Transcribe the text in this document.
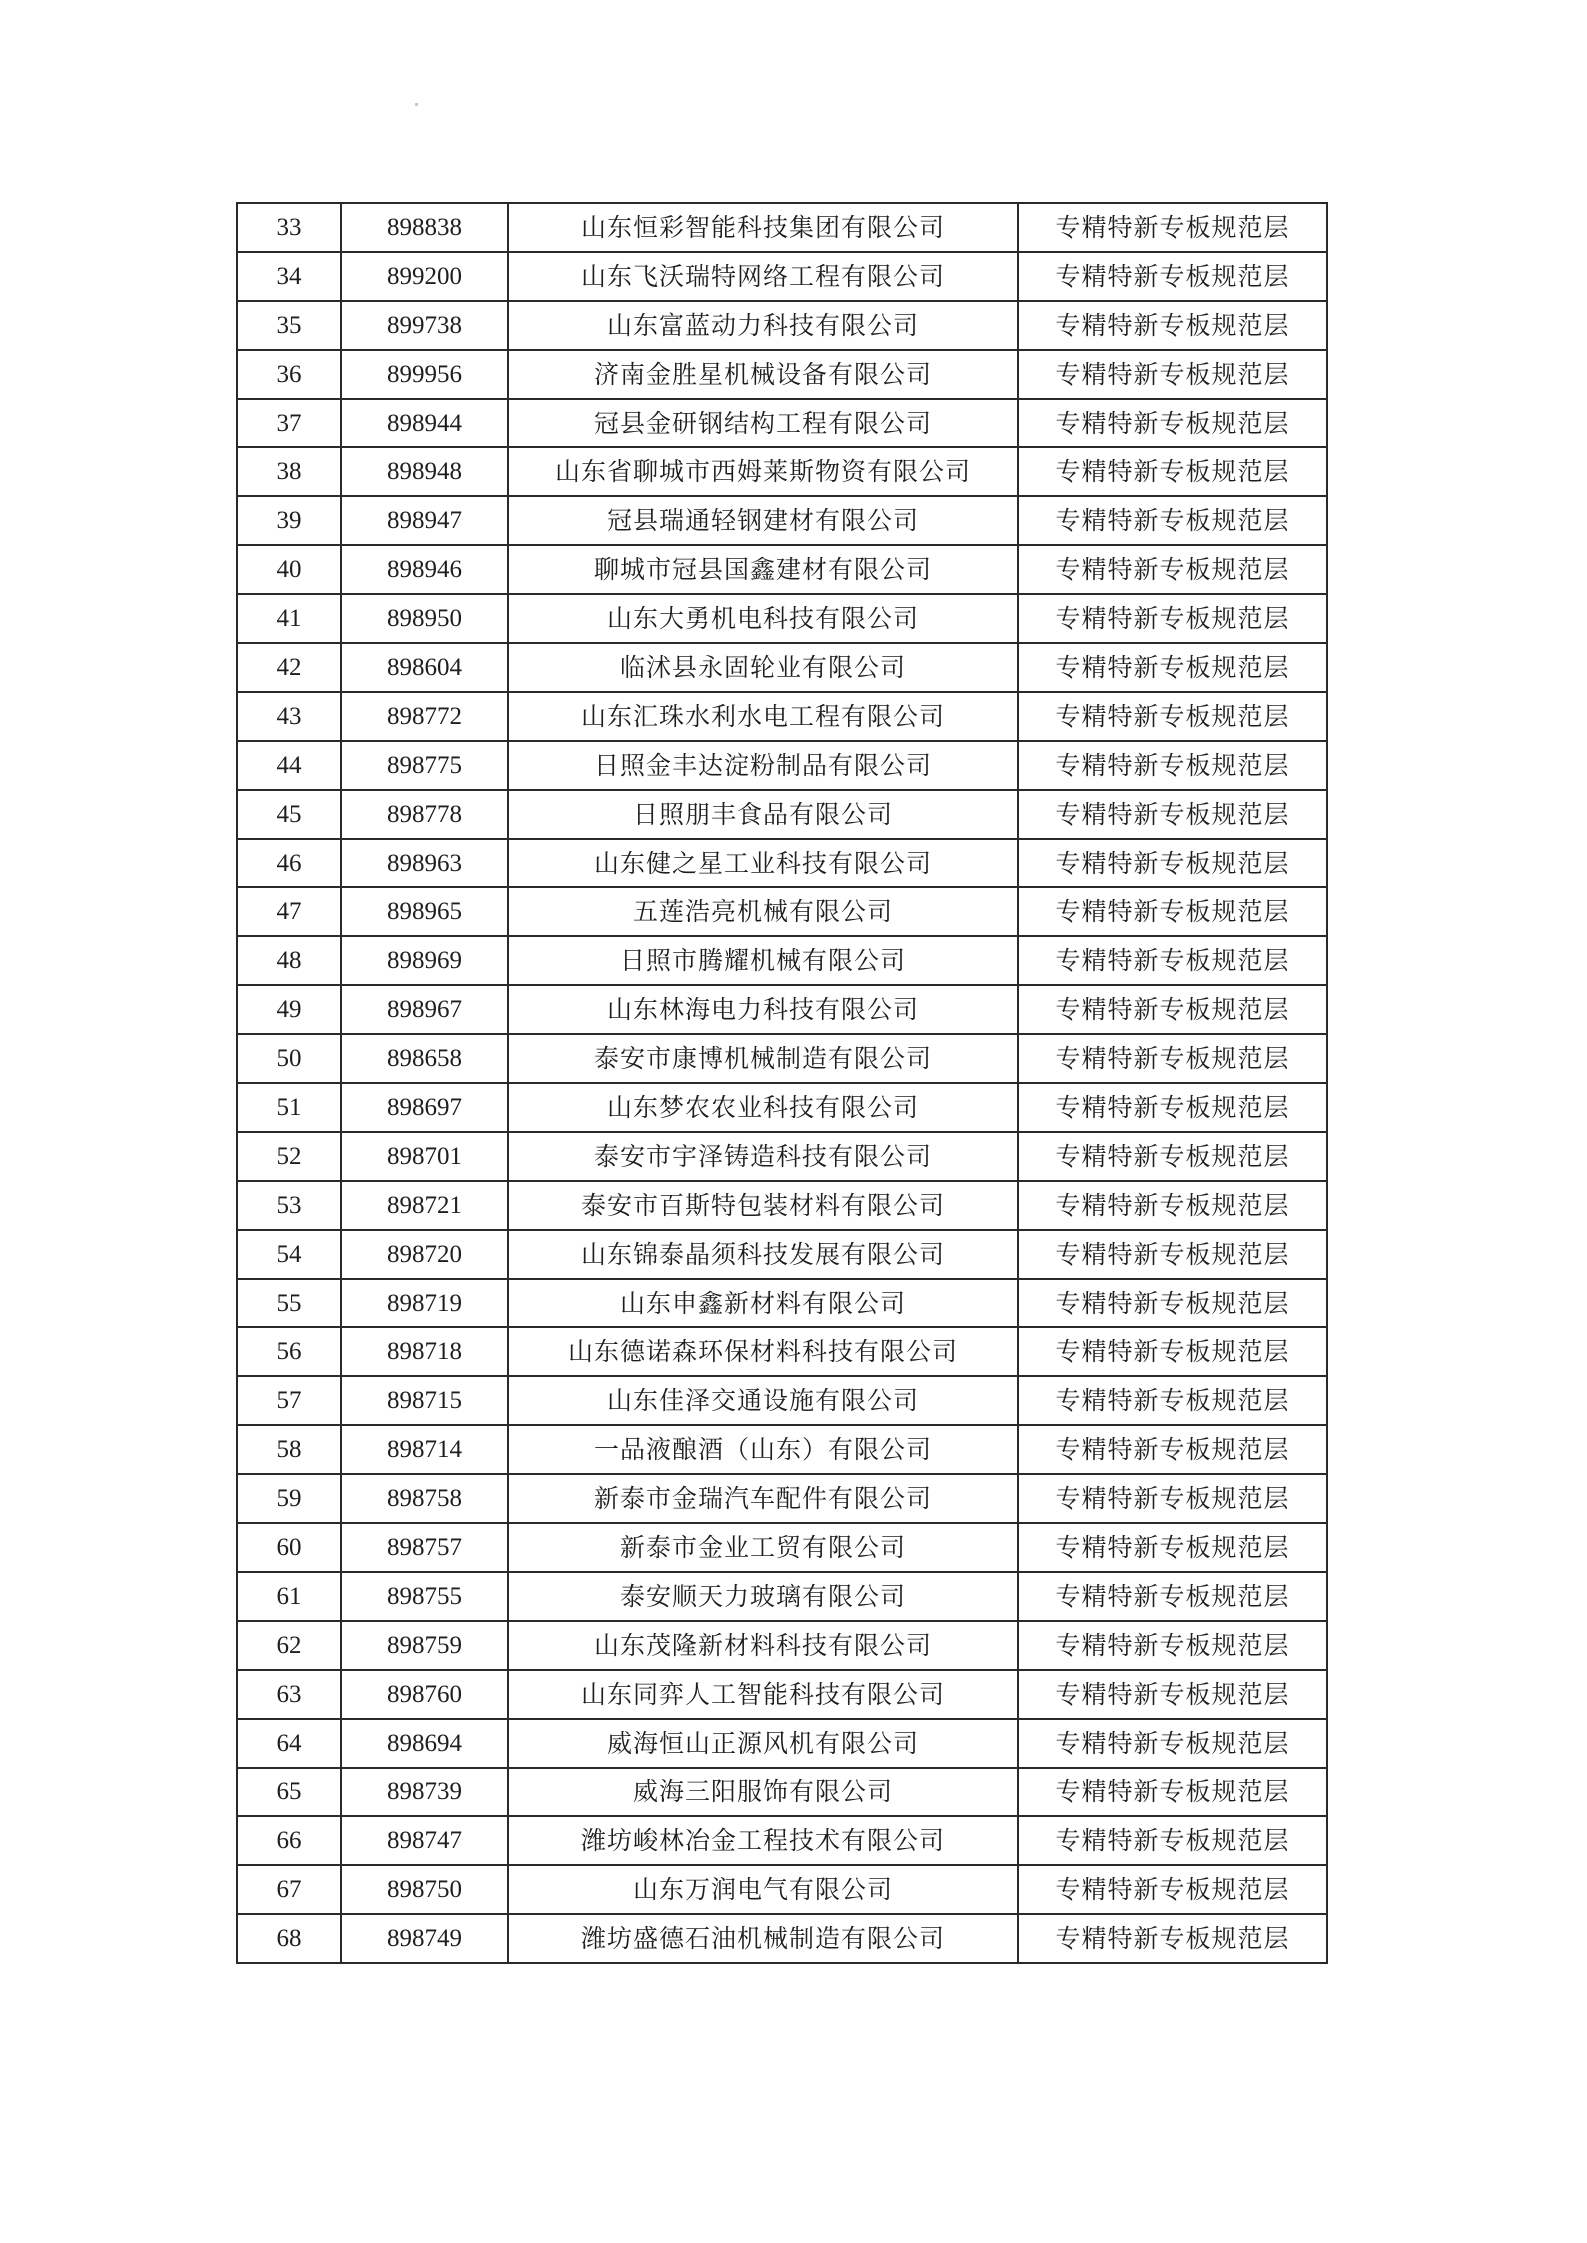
33	898838	山东恒彩智能科技集团有限公司	专精特新专板规范层
34	899200	山东飞沃瑞特网络工程有限公司	专精特新专板规范层
35	899738	山东富蓝动力科技有限公司	专精特新专板规范层
36	899956	济南金胜星机械设备有限公司	专精特新专板规范层
37	898944	冠县金研钢结构工程有限公司	专精特新专板规范层
38	898948	山东省聊城市西姆莱斯物资有限公司	专精特新专板规范层
39	898947	冠县瑞通轻钢建材有限公司	专精特新专板规范层
40	898946	聊城市冠县国鑫建材有限公司	专精特新专板规范层
41	898950	山东大勇机电科技有限公司	专精特新专板规范层
42	898604	临沭县永固轮业有限公司	专精特新专板规范层
43	898772	山东汇珠水利水电工程有限公司	专精特新专板规范层
44	898775	日照金丰达淀粉制品有限公司	专精特新专板规范层
45	898778	日照朋丰食品有限公司	专精特新专板规范层
46	898963	山东健之星工业科技有限公司	专精特新专板规范层
47	898965	五莲浩亮机械有限公司	专精特新专板规范层
48	898969	日照市腾耀机械有限公司	专精特新专板规范层
49	898967	山东林海电力科技有限公司	专精特新专板规范层
50	898658	泰安市康博机械制造有限公司	专精特新专板规范层
51	898697	山东梦农农业科技有限公司	专精特新专板规范层
52	898701	泰安市宇泽铸造科技有限公司	专精特新专板规范层
53	898721	泰安市百斯特包装材料有限公司	专精特新专板规范层
54	898720	山东锦泰晶须科技发展有限公司	专精特新专板规范层
55	898719	山东申鑫新材料有限公司	专精特新专板规范层
56	898718	山东德诺森环保材料科技有限公司	专精特新专板规范层
57	898715	山东佳泽交通设施有限公司	专精特新专板规范层
58	898714	一品液酿酒（山东）有限公司	专精特新专板规范层
59	898758	新泰市金瑞汽车配件有限公司	专精特新专板规范层
60	898757	新泰市金业工贸有限公司	专精特新专板规范层
61	898755	泰安顺天力玻璃有限公司	专精特新专板规范层
62	898759	山东茂隆新材料科技有限公司	专精特新专板规范层
63	898760	山东同弈人工智能科技有限公司	专精特新专板规范层
64	898694	威海恒山正源风机有限公司	专精特新专板规范层
65	898739	威海三阳服饰有限公司	专精特新专板规范层
66	898747	潍坊峻林冶金工程技术有限公司	专精特新专板规范层
67	898750	山东万润电气有限公司	专精特新专板规范层
68	898749	潍坊盛德石油机械制造有限公司	专精特新专板规范层
